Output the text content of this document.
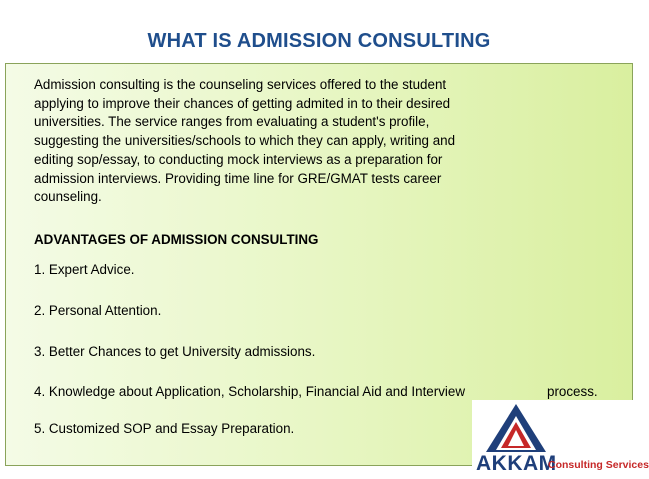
WHAT IS ADMISSION CONSULTING
Admission consulting is the counseling services offered to the student
applying to improve their chances of getting admited in to their desired
universities. The service ranges from evaluating a student's profile,
suggesting the universities/schools to which they can apply, writing and
editing sop/essay, to conducting mock interviews as a preparation for
admission interviews. Providing time line for GRE/GMAT tests career
counseling.
ADVANTAGES OF ADMISSION CONSULTING
1. Expert Advice.
2. Personal Attention.
3. Better Chances to get University admissions.
4. Knowledge about Application, Scholarship, Financial Aid and Interview	process.
5. Customized SOP and Essay Preparation.
AKKAM
Consulting Services
